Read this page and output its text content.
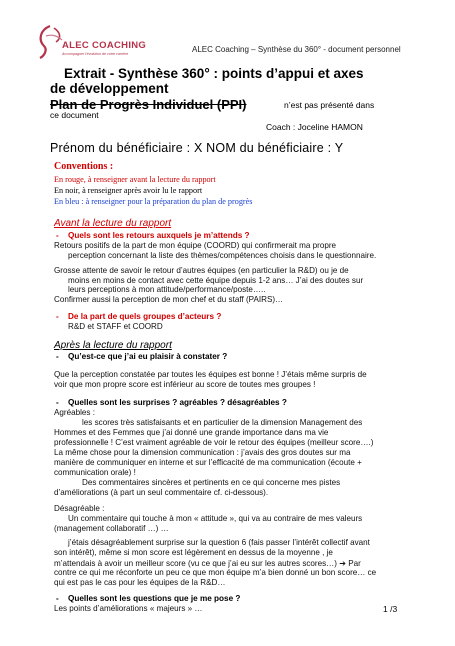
ALEC COACHING
Accompagner l'évolution de votre carrière	ALEC Coaching – Synthèse du 360° - document personnel
Extrait - Synthèse 360° : points d’appui et axes
de développement
Plan de Progrès Individuel (PPI)	n’est pas présenté dans
ce document
Coach : Joceline HAMON
Prénom du bénéficiaire : X NOM du bénéficiaire : Y
Conventions :
En rouge, à renseigner avant la lecture du rapport
En noir, à renseigner après avoir lu le rapport
En bleu : à renseigner pour la préparation du plan de progrès
Avant la lecture du rapport
- Quels sont les retours auxquels je m’attends ?
Retours positifs de la part de mon équipe (COORD) qui confirmerait ma propre
perception concernant la liste des thèmes/compétences choisis dans le questionnaire.
Grosse attente de savoir le retour d’autres équipes (en particulier la R&D) ou je de
moins en moins de contact avec cette équipe depuis 1-2 ans… J’ai des doutes sur
leurs perceptions à mon attitude/performance/poste…..
Confirmer aussi la perception de mon chef et du staff (PAIRS)…
- De la part de quels groupes d’acteurs ?
R&D et STAFF et COORD
Après la lecture du rapport
- Qu’est-ce que j’ai eu plaisir à constater ?
Que la perception constatée par toutes les équipes est bonne ! J’étais même surpris de
voir que mon propre score est inférieur au score de toutes mes groupes !
- Quelles sont les surprises ? agréables ? désagréables ?
Agréables :
les scores très satisfaisants et en particulier de la dimension Management des
Hommes et des Femmes que j’ai donné une grande importance dans ma vie
professionnelle ! C’est vraiment agréable de voir le retour des équipes (meilleur score….)
La même chose pour la dimension communication : j’avais des gros doutes sur ma
manière de communiquer en interne et sur l’efficacité de ma communication (écoute +
communication orale) !
Des commentaires sincères et pertinents en ce qui concerne mes pistes
d’améliorations (à part un seul commentaire cf. ci-dessous).
Désagréable :
Un commentaire qui touche à mon « attitude », qui va au contraire de mes valeurs
(management collaboratif …) …
j’étais désagréablement surprise sur la question 6 (fais passer l’intérêt collectif avant
son intérêt), même si mon score est légèrement en dessus de la moyenne , je
m’attendais à avoir un meilleur score (vu ce que j’ai eu sur les autres scores…) ➔ Par
contre ce qui me réconforte un peu ce que mon équipe m’a bien donné un bon score… ce
qui est pas le cas pour les équipes de la R&D…
- Quelles sont les questions que je me pose ?
Les points d’améliorations « majeurs » …	1 /3
